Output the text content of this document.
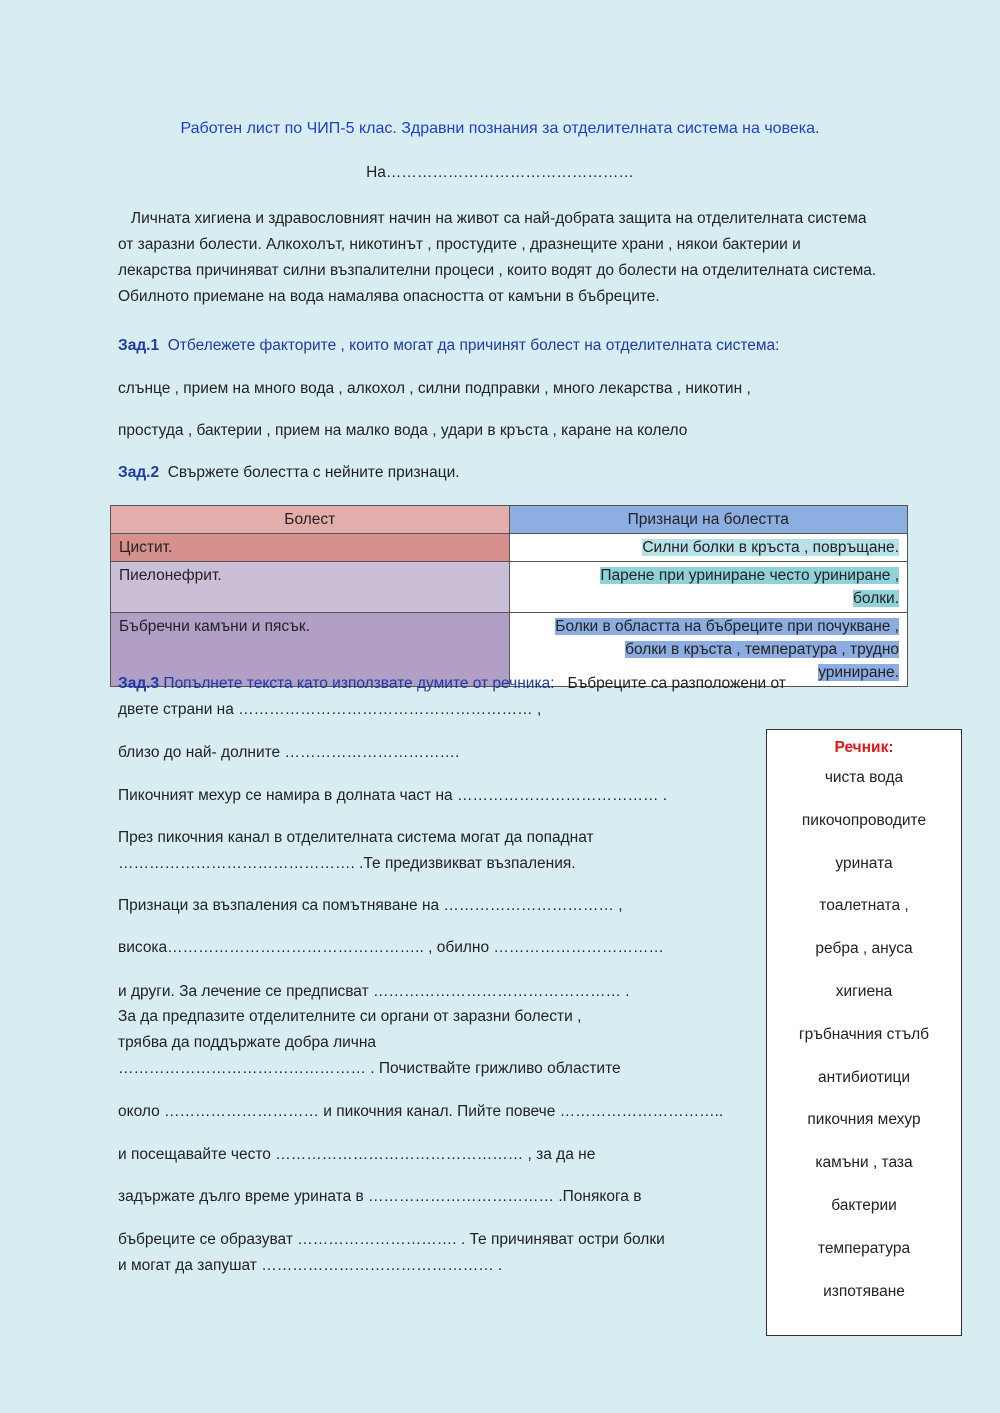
Работен лист по ЧИП-5 клас. Здравни познания за отделителната система на човека.
На…………………………………………
Личната хигиена и здравословният начин на живот са най-добрата защита на отделителната система от заразни болести. Алкохолът, никотинът , простудите , дразнещите храни , някои бактерии и лекарства причиняват силни възпалителни процеси , които водят до болести на отделителната система. Обилното приемане на вода намалява опасността от камъни в бъбреците.
Зад.1 Отбележете факторите , които могат да причинят болест на отделителната система:
слънце , прием на много вода , алкохол , силни подправки , много лекарства , никотин ,
простуда , бактерии , прием на малко вода , удари в кръста , каране на колело
Зад.2 Свържете болестта с нейните признаци.
Болест	Признаци на болестта
Цистит.	Силни болки в кръста , повръщане.
Пиелонефрит.	Парене при уриниране често уриниране ,
болки.
Бъбречни камъни и пясък.	Болки в областта на бъбреците при почукване ,
болки в кръста , температура , трудно
уриниране.
Зад.3 Попълнете текста като използвате думите от речника: Бъбреците са разположени от
двете страни на ………………………………………………… ,
близо до най- долните …………………………….
Пикочният мехур се намира в долната част на ………………………………… .
През пикочния канал в отделителната система могат да попаднат
………………………………………. .Те предизвикват възпаления.
Признаци за възпаления са помътняване на …………………………… ,
висока………………………………………….. , обилно ……………………………
и други. За лечение се предписват ………………………………………… .
За да предпазите отделителните си органи от заразни болести ,
трябва да поддържате добра лична
………………………………………… . Почиствайте грижливо областите
около ………………………… и пикочния канал. Пийте повече …………………………..
и посещавайте често ………………………………………… , за да не
задържате дълго време урината в ……………………………… .Понякога в
бъбреците се образуват …………………………. . Те причиняват остри болки
и могат да запушат ……………………………………… .
Речник:
чиста вода
пикочопроводите
урината
тоалетната ,
ребра , ануса
хигиена
гръбначния стълб
антибиотици
пикочния мехур
камъни , таза
бактерии
температура
изпотяване
